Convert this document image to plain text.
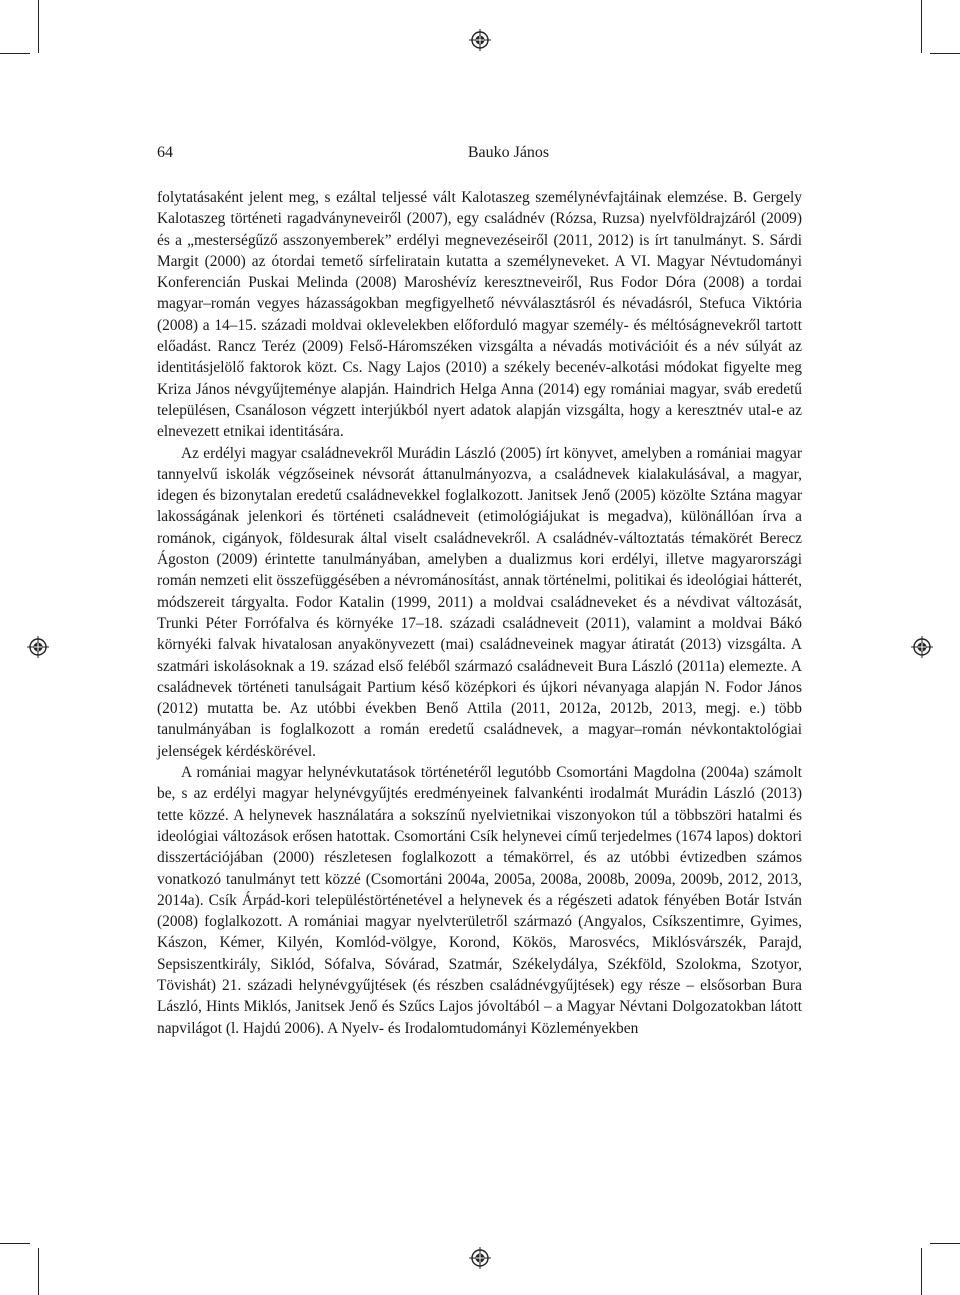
64	Bauko János

folytatásaként jelent meg, s ezáltal teljessé vált Kalotaszeg személynévfajtáinak elemzése. B. Gergely Kalotaszeg történeti ragadványneveiről (2007), egy családnév (Rózsa, Ruzsa) nyelvföldrajzáról (2009) és a „mesterségűző asszonyemberek” erdélyi megnevezéseiről (2011, 2012) is írt tanulmányt. S. Sárdi Margit (2000) az ótordai temető sírfeliratain kutatta a személyneveket. A VI. Magyar Névtudományi Konferencián Puskai Melinda (2008) Maroshévíz keresztneveiről, Rus Fodor Dóra (2008) a tordai magyar–román vegyes házasságokban megfigyelhető névválasztásról és névadásról, Stefuca Viktória (2008) a 14–15. századi moldvai oklevelekben előforduló magyar személy- és méltóságnevekről tartott előadást. Rancz Teréz (2009) Felső-Háromszéken vizsgálta a névadás motivációit és a név súlyát az identitásjelölő faktorok közt. Cs. Nagy Lajos (2010) a székely becenév-alkotási módokat figyelte meg Kriza János névgyűjteménye alapján. Haindrich Helga Anna (2014) egy romániai magyar, sváb eredetű településen, Csanáloson végzett interjúkból nyert adatok alapján vizsgálta, hogy a keresztnév utal-e az elnevezett etnikai identitására.

Az erdélyi magyar családnevekről Murádin László (2005) írt könyvet, amelyben a romániai magyar tannyelvű iskolák végzőseinek névsorát áttanulmányozva, a családnevek kialakulásával, a magyar, idegen és bizonytalan eredetű családnevekkel foglalkozott. Janitsek Jenő (2005) közölte Sztána magyar lakosságának jelenkori és történeti családneveit (etimológiájukat is megadva), különállóan írva a románok, cigányok, földesurak által viselt családnevekről. A családnév-változtatás témakörét Berecz Ágoston (2009) érintette tanulmányában, amelyben a dualizmus kori erdélyi, illetve magyarországi román nemzeti elit összefüggésében a névrománosítást, annak történelmi, politikai és ideológiai hátterét, módszereit tárgyalta. Fodor Katalin (1999, 2011) a moldvai családneveket és a névdivat változását, Trunki Péter Forrófalva és környéke 17–18. századi családneveit (2011), valamint a moldvai Bákó környéki falvak hivatalosan anyakönyvezett (mai) családneveinek magyar átiratát (2013) vizsgálta. A szatmári iskolásoknak a 19. század első feléből származó családneveit Bura László (2011a) elemezte. A családnevek történeti tanulságait Partium késő középkori és újkori névanyaga alapján N. Fodor János (2012) mutatta be. Az utóbbi években Benő Attila (2011, 2012a, 2012b, 2013, megj. e.) több tanulmányában is foglalkozott a román eredetű családnevek, a magyar–román névkontaktológiai jelenségek kérdéskörével.

A romániai magyar helynévkutatások történetéről legutóbb Csomortáni Magdolna (2004a) számolt be, s az erdélyi magyar helynévgyűjtés eredményeinek falvankénti irodalmát Murádin László (2013) tette közzé. A helynevek használatára a sokszínű nyelvietnikai viszonyokon túl a többszöri hatalmi és ideológiai változások erősen hatottak. Csomortáni Csík helynevei című terjedelmes (1674 lapos) doktori disszertációjában (2000) részletesen foglalkozott a témakörrel, és az utóbbi évtizedben számos vonatkozó tanulmányt tett közzé (Csomortáni 2004a, 2005a, 2008a, 2008b, 2009a, 2009b, 2012, 2013, 2014a). Csík Árpád-kori településtörténetével a helynevek és a régészeti adatok fényében Botár István (2008) foglalkozott. A romániai magyar nyelvterületről származó (Angyalos, Csíkszentimre, Gyimes, Kászon, Kémer, Kilyén, Komlód-völgye, Korond, Kökös, Marosvécs, Miklósvárszék, Parajd, Sepsiszentkirály, Siklód, Sófalva, Sóvárad, Szatmár, Székelydálya, Székföld, Szolokma, Szotyor, Tövishát) 21. századi helynévgyűjtések (és részben családnévgyűjtések) egy része – elsősorban Bura László, Hints Miklós, Janitsek Jenő és Szűcs Lajos jóvoltából – a Magyar Névtani Dolgozatokban látott napvilágot (l. Hajdú 2006). A Nyelv- és Irodalomtudományi Közleményekben
